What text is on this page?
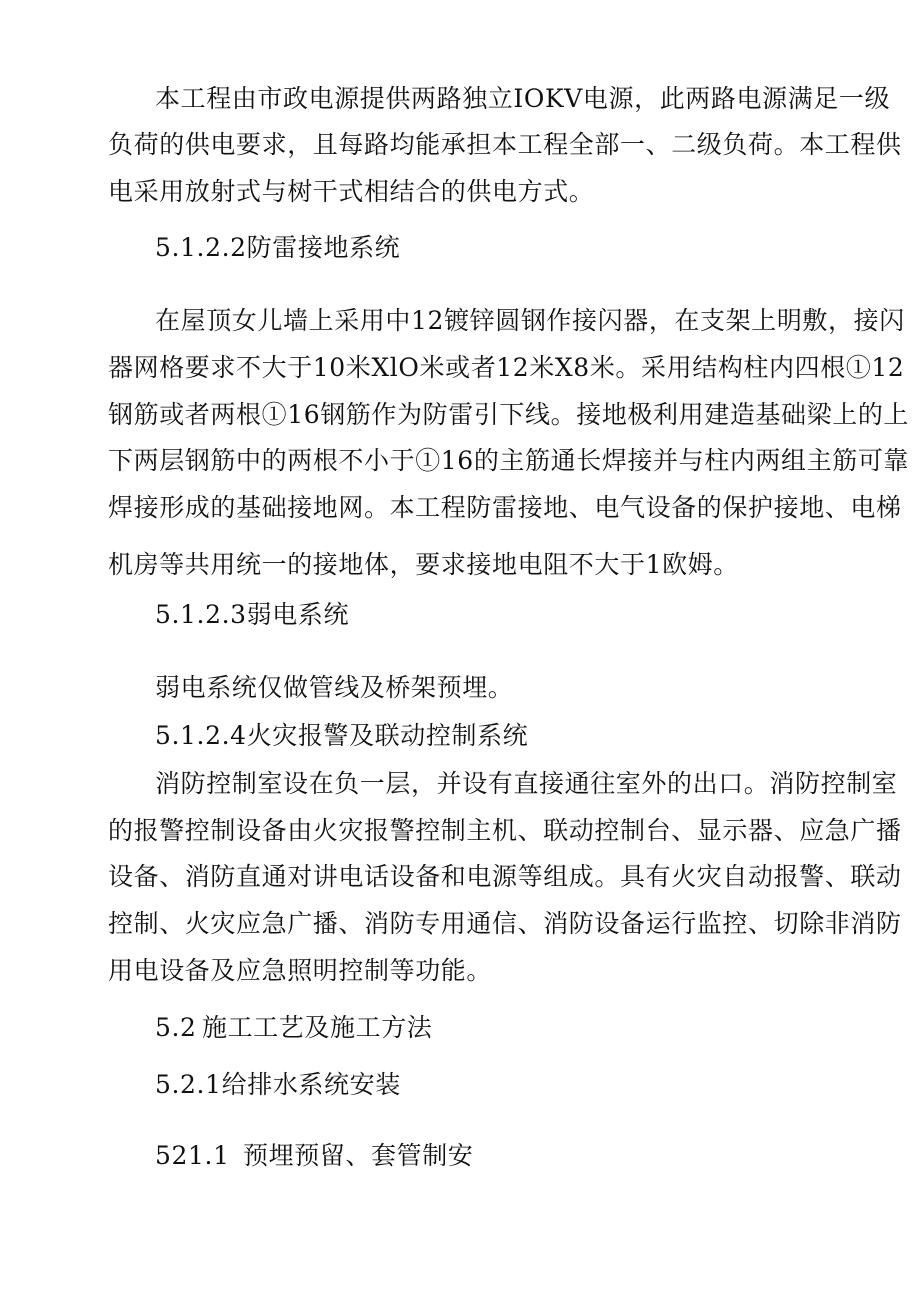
本工程由市政电源提供两路独立IOKV电源，此两路电源满足一级
负荷的供电要求，且每路均能承担本工程全部一、二级负荷。本工程供
电采用放射式与树干式相结合的供电方式。
5.1.2.2防雷接地系统
在屋顶女儿墙上采用中12镀锌圆钢作接闪器，在支架上明敷，接闪
器网格要求不大于10米XlO米或者12米X8米。采用结构柱内四根①12
钢筋或者两根①16钢筋作为防雷引下线。接地极利用建造基础梁上的上
下两层钢筋中的两根不小于①16的主筋通长焊接并与柱内两组主筋可靠
焊接形成的基础接地网。本工程防雷接地、电气设备的保护接地、电梯
机房等共用统一的接地体，要求接地电阻不大于1欧姆。
5.1.2.3弱电系统
弱电系统仅做管线及桥架预埋。
5.1.2.4火灾报警及联动控制系统
消防控制室设在负一层，并设有直接通往室外的出口。消防控制室
的报警控制设备由火灾报警控制主机、联动控制台、显示器、应急广播
设备、消防直通对讲电话设备和电源等组成。具有火灾自动报警、联动
控制、火灾应急广播、消防专用通信、消防设备运行监控、切除非消防
用电设备及应急照明控制等功能。
5.2 施工工艺及施工方法
5.2.1给排水系统安装
521.1 预埋预留、套管制安
